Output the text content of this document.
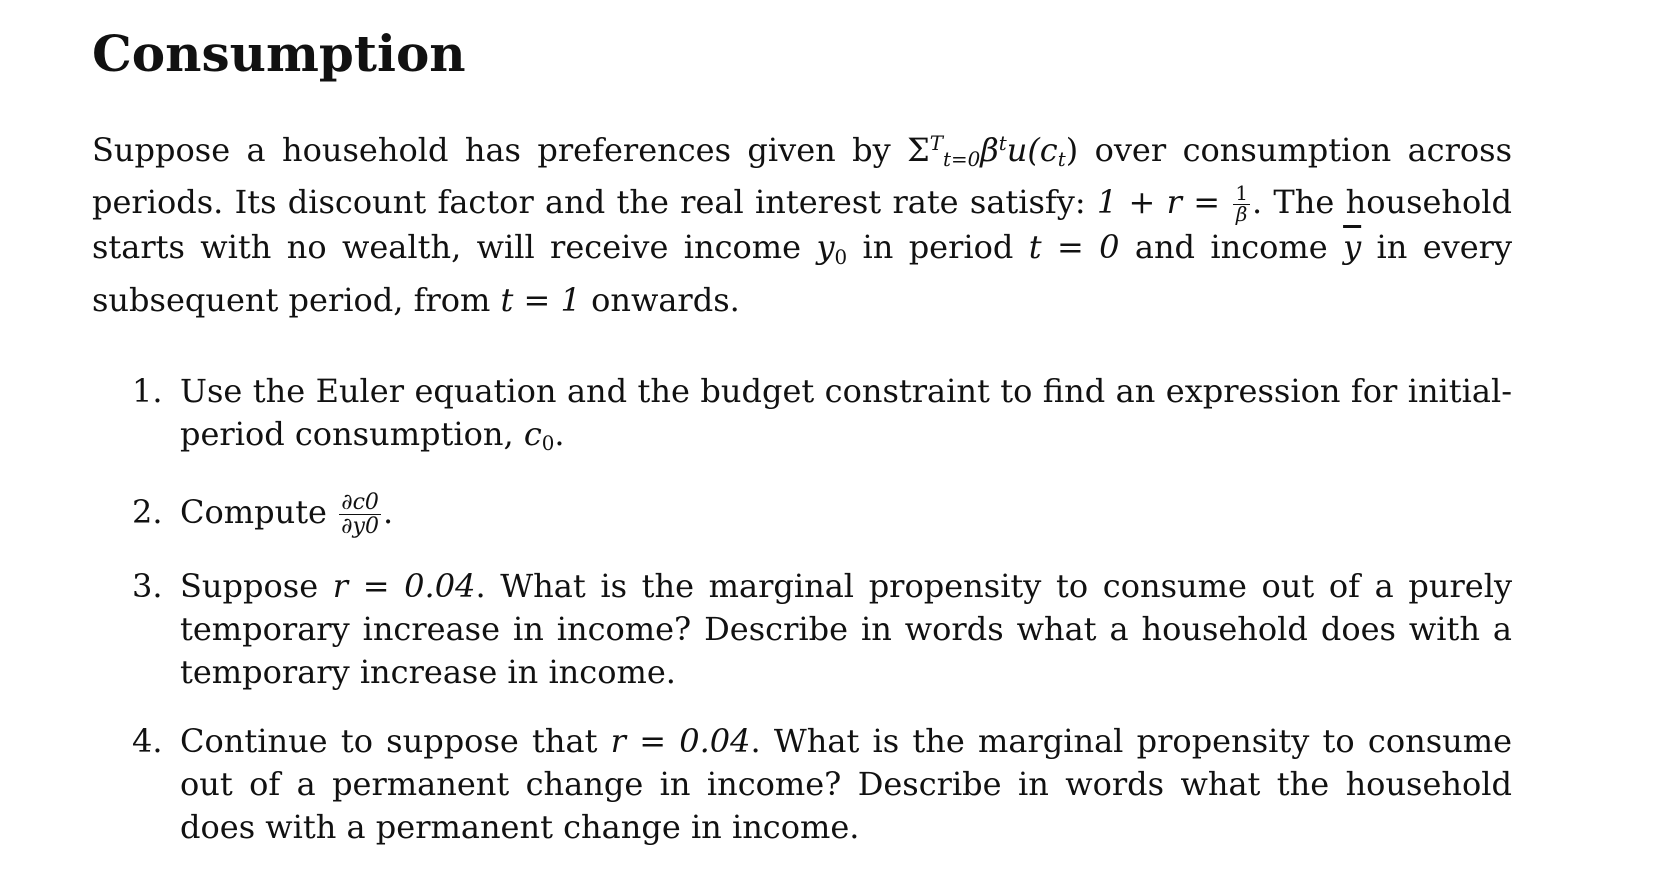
Consumption

Suppose a household has preferences given by $\Sigma^T_{t=0}\beta^tu(c_t)$ over consumption across periods. Its discount factor and the real interest rate satisfy: $1 + r = \frac{1}{\beta}$ . The household starts with no wealth, will receive income $y_0$ in period t = 0 and income $\overline{y}$ in every subsequent period, from t = 1 onwards.

1. Use the Euler equation and the budget constraint to find an expression for initial-period consumption, $c_0$.
2. Compute $\frac{\partial c0}{\partial y0}$ .
3. Suppose r = 0.04. What is the marginal propensity to consume out of a purely temporary increase in income? Describe in words what a household does with a temporary increase in income.
4. Continue to suppose that r = 0.04. What is the marginal propensity to consume out of a permanent change in income? Describe in words what the household does with a permanent change in income.
